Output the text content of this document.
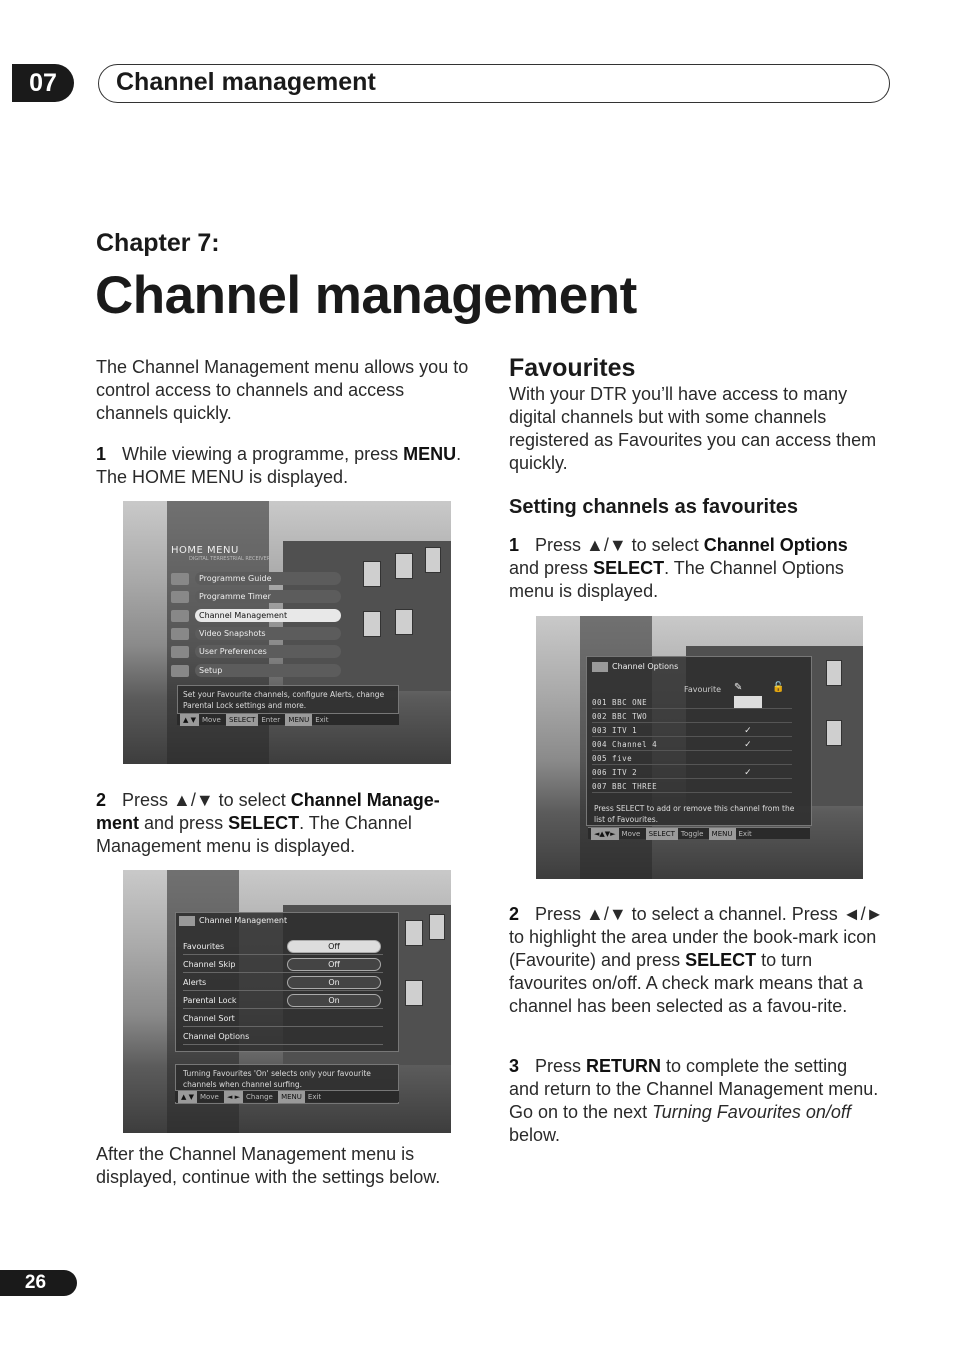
07	Channel management
Chapter 7:
Channel management
The Channel Management menu allows you to control access to channels and access channels quickly.
1 While viewing a programme, press MENU. The HOME MENU is displayed.
HOME MENU
DIGITAL TERRESTRIAL RECEIVER
Programme Guide
Programme Timer
Channel Management
Video Snapshots
User Preferences
Setup
Set your Favourite channels, configure Alerts, change Parental Lock settings and more.
▲ ▼ Move SELECT Enter MENU Exit
2 Press ▲/▼ to select Channel Manage-ment and press SELECT. The Channel Management menu is displayed.
Channel Management
Favourites	Off
Channel Skip	Off
Alerts	On
Parental Lock	On
Channel Sort
Channel Options
Turning Favourites 'On' selects only your favourite channels when channel surfing.
▲ ▼ Move ◄ ► Change MENU Exit
After the Channel Management menu is displayed, continue with the settings below.
Favourites
With your DTR you’ll have access to many digital channels but with some channels registered as Favourites you can access them quickly.
Setting channels as favourites
1 Press ▲/▼ to select Channel Options and press SELECT. The Channel Options menu is displayed.
Channel Options
Favourite ✎	🔓
001 BBC ONE
002 BBC TWO
003 ITV 1	✓
004 Channel 4	✓
005 five
006 ITV 2	✓
007 BBC THREE
Press SELECT to add or remove this channel from the list of Favourites.
◄▲▼► Move SELECT Toggle MENU Exit
2 Press ▲/▼ to select a channel. Press ◄/► to highlight the area under the book-mark icon (Favourite) and press SELECT to turn favourites on/off. A check mark means that a channel has been selected as a favou-rite.
3 Press RETURN to complete the setting and return to the Channel Management menu. Go on to the next Turning Favourites on/off below.
26
